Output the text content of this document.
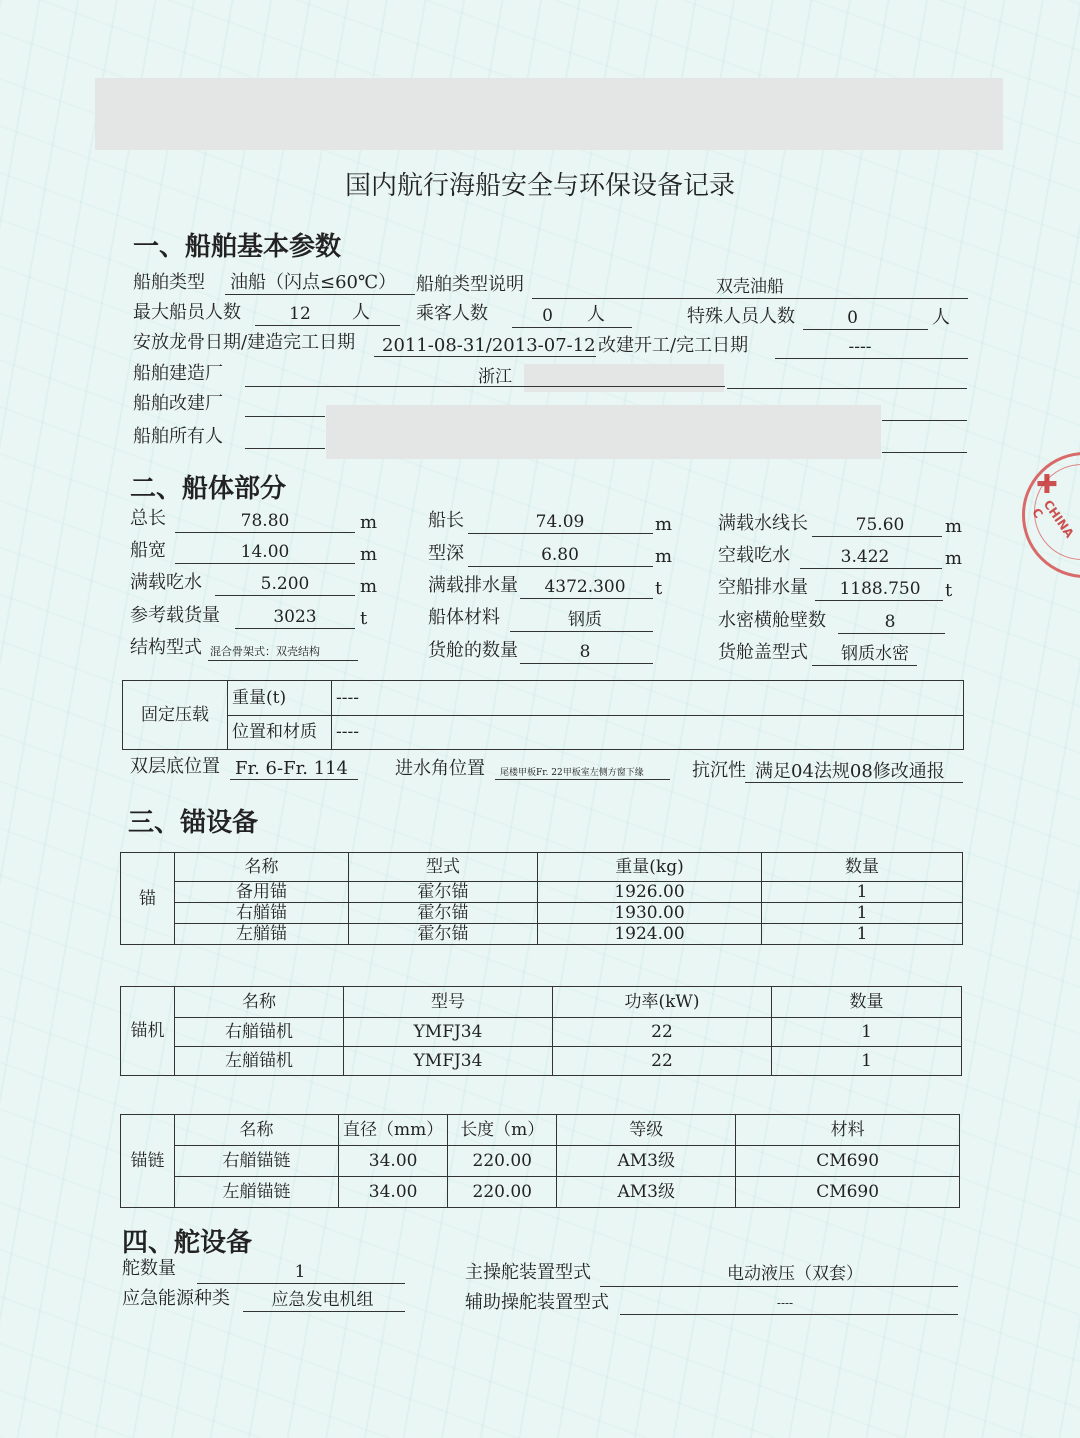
国内航行海船安全与环保设备记录
一、船舶基本参数
船舶类型 油船（闪点≤60℃） 船舶类型说明	双壳油船
最大船员人数	12	人	乘客人数	0	人	特殊人员人数	0	人
安放龙骨日期/建造完工日期 2011-08-31/2013-07-12 改建开工/完工日期	----
船舶建造厂	浙江
船舶改建厂
船舶所有人
二、船体部分
总长	78.80	m	船长	74.09	m	满载水线长	75.60	m
船宽	14.00	m	型深	6.80	m	空载吃水	3.422	m
满载吃水	5.200	m	满载排水量	4372.300	t	空船排水量	1188.750	t
参考载货量	3023	t	船体材料	钢质	水密横舱壁数	8
结构型式 混合骨架式：双壳结构	货舱的数量	8	货舱盖型式	钢质水密
固定压载	重量(t)	----
	位置和材质	----
双层底位置 Fr. 6-Fr. 114	进水角位置 尾楼甲板Fr. 22甲板室左侧方窗下缘	抗沉性 满足04法规08修改通报
三、锚设备
锚	名称	型式	重量(kg)	数量
	备用锚	霍尔锚	1926.00	1
	右艏锚	霍尔锚	1930.00	1
	左艏锚	霍尔锚	1924.00	1
锚机	名称	型号	功率(kW)	数量
	右艏锚机	YMFJ34	22	1
	左艏锚机	YMFJ34	22	1
锚链	名称	直径（mm）	长度（m）	等级	材料
	右艏锚链	34.00	220.00	AM3级	CM690
	左艏锚链	34.00	220.00	AM3级	CM690
四、舵设备
舵数量	1	主操舵装置型式	电动液压（双套）
应急能源种类	应急发电机组	辅助操舵装置型式	----
✚
CHINA C
